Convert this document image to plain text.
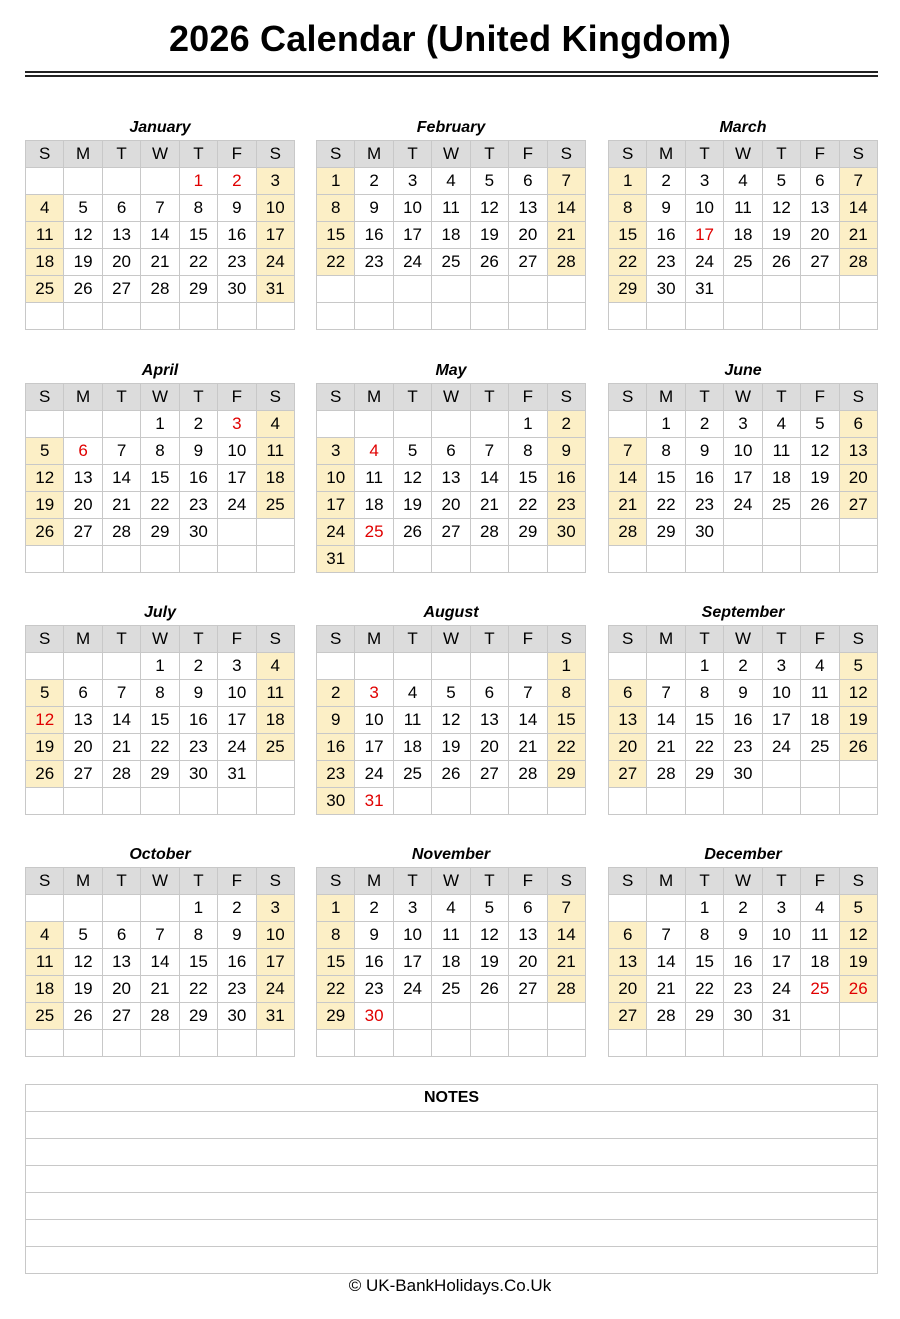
2026 Calendar (United Kingdom)
January
S	M	T	W	T	F	S
				1	2	3
4	5	6	7	8	9	10
11	12	13	14	15	16	17
18	19	20	21	22	23	24
25	26	27	28	29	30	31

February
S	M	T	W	T	F	S
1	2	3	4	5	6	7
8	9	10	11	12	13	14
15	16	17	18	19	20	21
22	23	24	25	26	27	28

March
S	M	T	W	T	F	S
1	2	3	4	5	6	7
8	9	10	11	12	13	14
15	16	17	18	19	20	21
22	23	24	25	26	27	28
29	30	31				

April
S	M	T	W	T	F	S
			1	2	3	4
5	6	7	8	9	10	11
12	13	14	15	16	17	18
19	20	21	22	23	24	25
26	27	28	29	30		

May
S	M	T	W	T	F	S
					1	2
3	4	5	6	7	8	9
10	11	12	13	14	15	16
17	18	19	20	21	22	23
24	25	26	27	28	29	30
31						
June
S	M	T	W	T	F	S
	1	2	3	4	5	6
7	8	9	10	11	12	13
14	15	16	17	18	19	20
21	22	23	24	25	26	27
28	29	30				

July
S	M	T	W	T	F	S
			1	2	3	4
5	6	7	8	9	10	11
12	13	14	15	16	17	18
19	20	21	22	23	24	25
26	27	28	29	30	31	

August
S	M	T	W	T	F	S
						1
2	3	4	5	6	7	8
9	10	11	12	13	14	15
16	17	18	19	20	21	22
23	24	25	26	27	28	29
30	31					
September
S	M	T	W	T	F	S
		1	2	3	4	5
6	7	8	9	10	11	12
13	14	15	16	17	18	19
20	21	22	23	24	25	26
27	28	29	30			

October
S	M	T	W	T	F	S
				1	2	3
4	5	6	7	8	9	10
11	12	13	14	15	16	17
18	19	20	21	22	23	24
25	26	27	28	29	30	31

November
S	M	T	W	T	F	S
1	2	3	4	5	6	7
8	9	10	11	12	13	14
15	16	17	18	19	20	21
22	23	24	25	26	27	28
29	30					

December
S	M	T	W	T	F	S
		1	2	3	4	5
6	7	8	9	10	11	12
13	14	15	16	17	18	19
20	21	22	23	24	25	26
27	28	29	30	31		

NOTES

© UK-BankHolidays.Co.Uk
